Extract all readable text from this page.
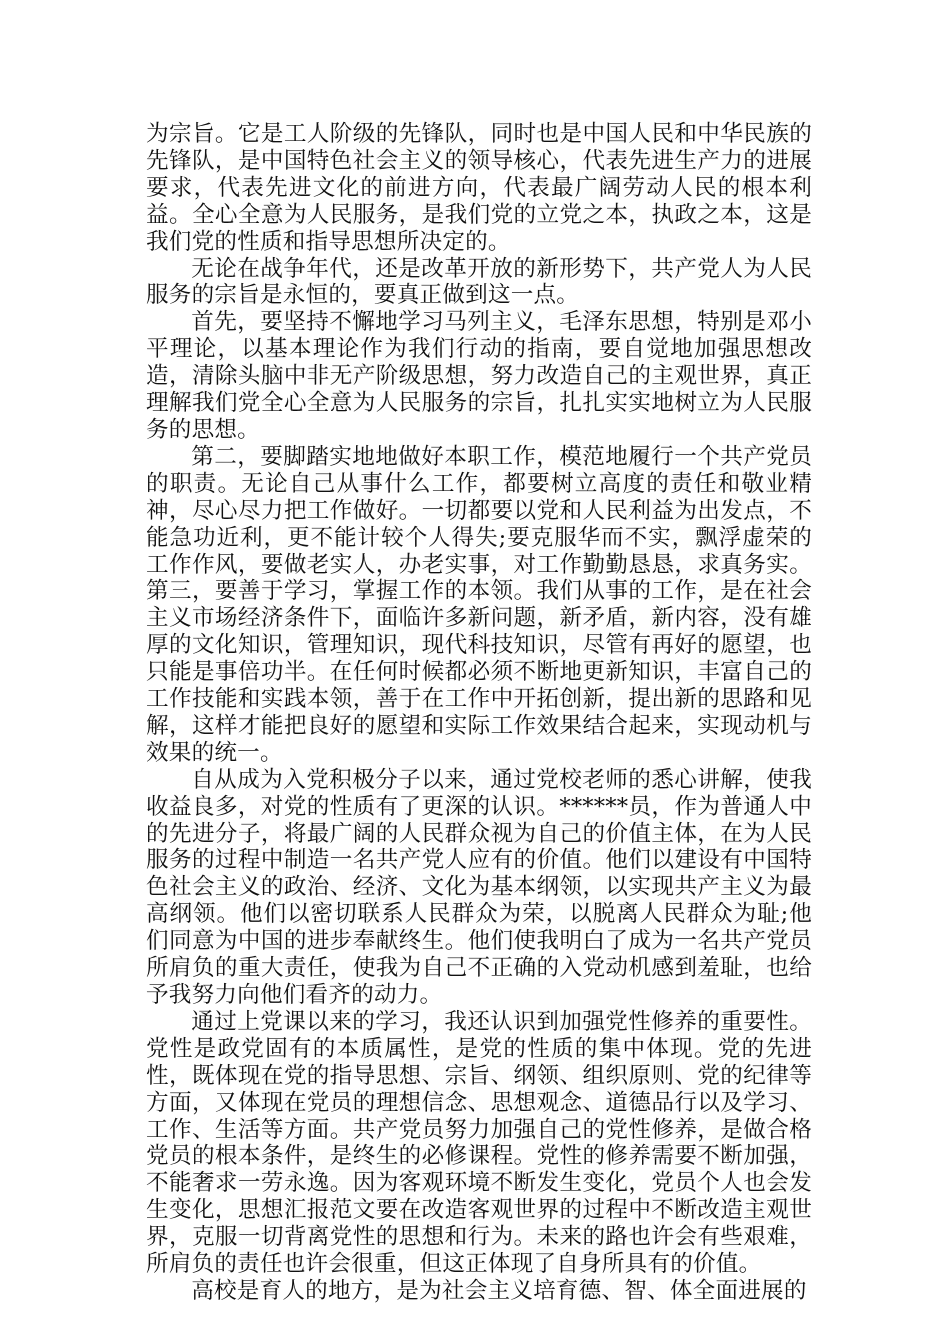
为宗旨。它是工人阶级的先锋队，同时也是中国人民和中华民族的先锋队，是中国特色社会主义的领导核心，代表先进生产力的进展要求，代表先进文化的前进方向，代表最广阔劳动人民的根本利益。全心全意为人民服务，是我们党的立党之本，执政之本，这是我们党的性质和指导思想所决定的。

无论在战争年代，还是改革开放的新形势下，共产党人为人民服务的宗旨是永恒的，要真正做到这一点。

首先，要坚持不懈地学习马列主义，毛泽东思想，特别是邓小平理论，以基本理论作为我们行动的指南，要自觉地加强思想改造，清除头脑中非无产阶级思想，努力改造自己的主观世界，真正理解我们党全心全意为人民服务的宗旨，扎扎实实地树立为人民服务的思想。

第二，要脚踏实地地做好本职工作，模范地履行一个共产党员的职责。无论自己从事什么工作，都要树立高度的责任和敬业精神，尽心尽力把工作做好。一切都要以党和人民利益为出发点，不能急功近利，更不能计较个人得失;要克服华而不实，飘浮虚荣的工作作风，要做老实人，办老实事，对工作勤勤恳恳，求真务实。第三，要善于学习，掌握工作的本领。我们从事的工作，是在社会主义市场经济条件下，面临许多新问题，新矛盾，新内容，没有雄厚的文化知识，管理知识，现代科技知识，尽管有再好的愿望，也只能是事倍功半。在任何时候都必须不断地更新知识，丰富自己的工作技能和实践本领，善于在工作中开拓创新，提出新的思路和见解，这样才能把良好的愿望和实际工作效果结合起来，实现动机与效果的统一。

自从成为入党积极分子以来，通过党校老师的悉心讲解，使我收益良多，对党的性质有了更深的认识。******员，作为普通人中的先进分子，将最广阔的人民群众视为自己的价值主体，在为人民服务的过程中制造一名共产党人应有的价值。他们以建设有中国特色社会主义的政治、经济、文化为基本纲领，以实现共产主义为最高纲领。他们以密切联系人民群众为荣，以脱离人民群众为耻;他们同意为中国的进步奉献终生。他们使我明白了成为一名共产党员所肩负的重大责任，使我为自己不正确的入党动机感到羞耻，也给予我努力向他们看齐的动力。

通过上党课以来的学习，我还认识到加强党性修养的重要性。党性是政党固有的本质属性，是党的性质的集中体现。党的先进性，既体现在党的指导思想、宗旨、纲领、组织原则、党的纪律等方面，又体现在党员的理想信念、思想观念、道德品行以及学习、工作、生活等方面。共产党员努力加强自己的党性修养，是做合格党员的根本条件，是终生的必修课程。党性的修养需要不断加强，不能奢求一劳永逸。因为客观环境不断发生变化，党员个人也会发生变化，思想汇报范文要在改造客观世界的过程中不断改造主观世界，克服一切背离党性的思想和行为。未来的路也许会有些艰难，所肩负的责任也许会很重，但这正体现了自身所具有的价值。

高校是育人的地方，是为社会主义培育德、智、体全面进展的
